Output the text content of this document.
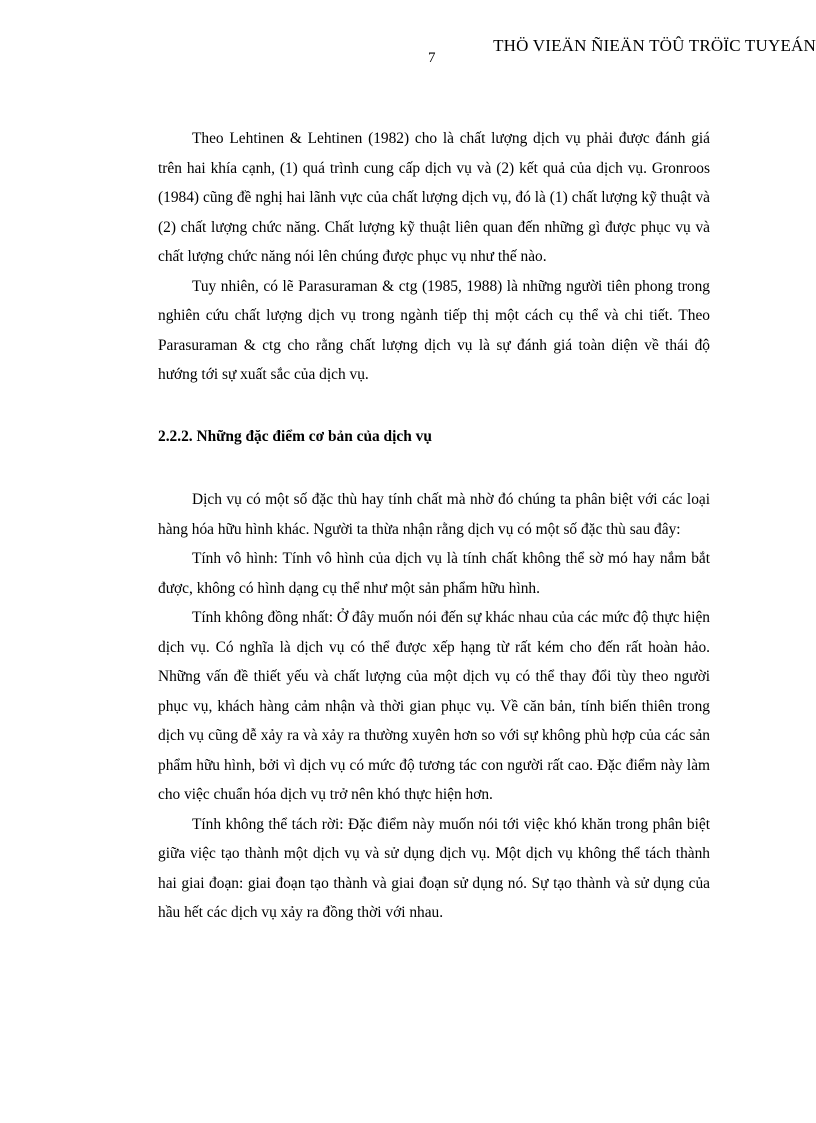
THÖ VIEÄN ÑIEÄN TÖÛ TRÖÏC TUYEÁN
7

Theo Lehtinen & Lehtinen (1982) cho là chất lượng dịch vụ phải được đánh giá trên hai khía cạnh, (1) quá trình cung cấp dịch vụ và (2) kết quả của dịch vụ. Gronroos (1984) cũng đề nghị hai lãnh vực của chất lượng dịch vụ, đó là (1) chất lượng kỹ thuật và (2) chất lượng chức năng. Chất lượng kỹ thuật liên quan đến những gì được phục vụ và chất lượng chức năng nói lên chúng được phục vụ như thế nào.

Tuy nhiên, có lẽ Parasuraman & ctg (1985, 1988) là những người tiên phong trong nghiên cứu chất lượng dịch vụ trong ngành tiếp thị một cách cụ thể và chi tiết. Theo Parasuraman & ctg cho rằng chất lượng dịch vụ là sự đánh giá toàn diện về thái độ hướng tới sự xuất sắc của dịch vụ.

2.2.2. Những đặc điểm cơ bản của dịch vụ

Dịch vụ có một số đặc thù hay tính chất mà nhờ đó chúng ta phân biệt với các loại hàng hóa hữu hình khác. Người ta thừa nhận rằng dịch vụ có một số đặc thù sau đây:

Tính vô hình: Tính vô hình của dịch vụ là tính chất không thể sờ mó hay nắm bắt được, không có hình dạng cụ thể như một sản phẩm hữu hình.

Tính không đồng nhất: Ở đây muốn nói đến sự khác nhau của các mức độ thực hiện dịch vụ. Có nghĩa là dịch vụ có thể được xếp hạng từ rất kém cho đến rất hoàn hảo. Những vấn đề thiết yếu và chất lượng của một dịch vụ có thể thay đổi tùy theo người phục vụ, khách hàng cảm nhận và thời gian phục vụ. Về căn bản, tính biến thiên trong dịch vụ cũng dễ xảy ra và xảy ra thường xuyên hơn so với sự không phù hợp của các sản phẩm hữu hình, bởi vì dịch vụ có mức độ tương tác con người rất cao. Đặc điểm này làm cho việc chuẩn hóa dịch vụ trở nên khó thực hiện hơn.

Tính không thể tách rời: Đặc điểm này muốn nói tới việc khó khăn trong phân biệt giữa việc tạo thành một dịch vụ và sử dụng dịch vụ. Một dịch vụ không thể tách thành hai giai đoạn: giai đoạn tạo thành và giai đoạn sử dụng nó. Sự tạo thành và sử dụng của hầu hết các dịch vụ xảy ra đồng thời với nhau.
